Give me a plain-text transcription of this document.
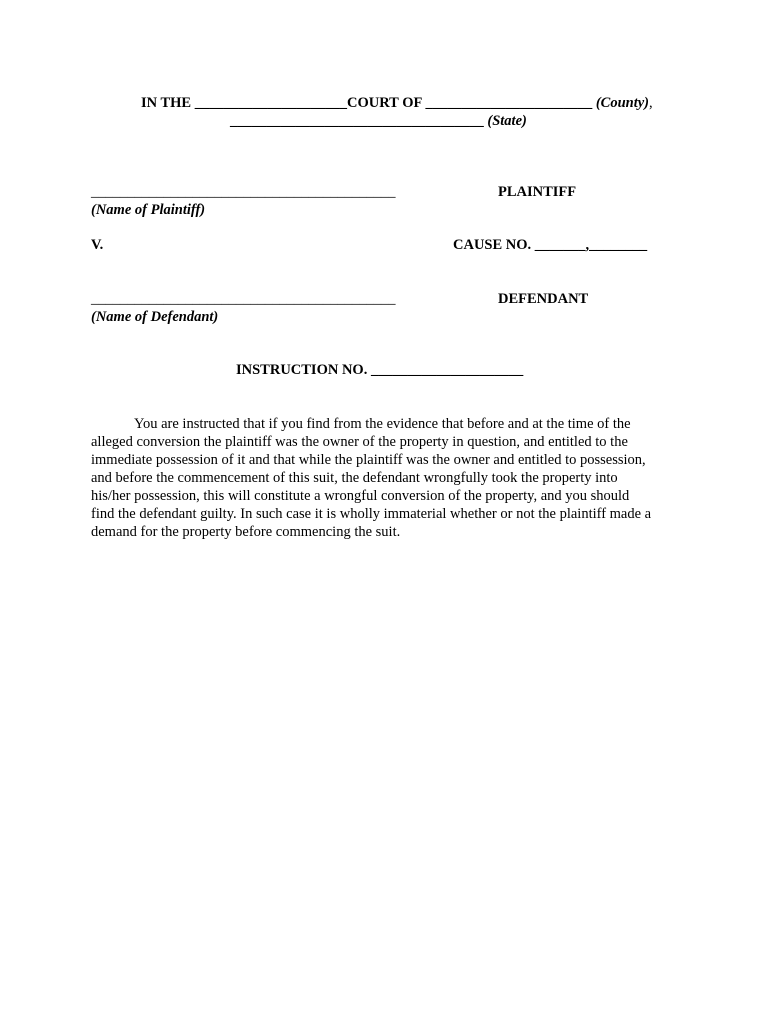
IN THE _____________________COURT OF _______________________ (County),
___________________________________ (State)
__________________________________________	PLAINTIFF
(Name of Plaintiff)
V.	CAUSE NO. _______,________
__________________________________________	DEFENDANT
(Name of Defendant)
INSTRUCTION NO. _____________________
You are instructed that if you find from the evidence that before and at the time of the
alleged conversion the plaintiff was the owner of the property in question, and entitled to the
immediate possession of it and that while the plaintiff was the owner and entitled to possession,
and before the commencement of this suit, the defendant wrongfully took the property into
his/her possession, this will constitute a wrongful conversion of the property, and you should
find the defendant guilty. In such case it is wholly immaterial whether or not the plaintiff made a
demand for the property before commencing the suit.
